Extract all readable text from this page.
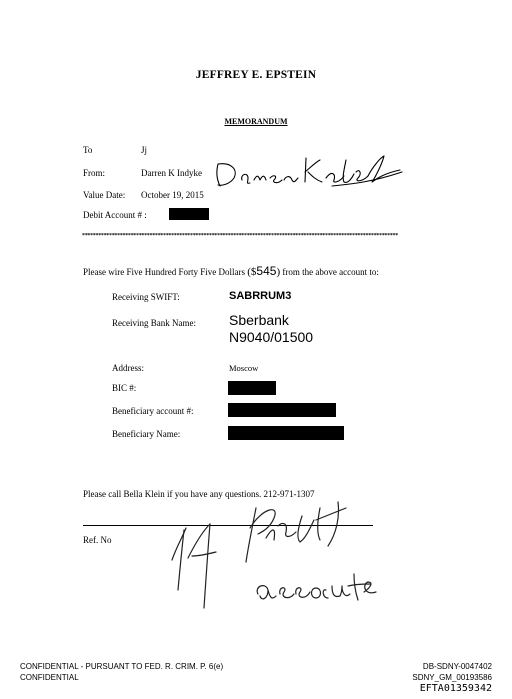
JEFFREY E. EPSTEIN
MEMORANDUM
To	Jj
From:	Darren K Indyke
Value Date: October 19, 2015
Debit Account # :
*********************************************************************************************************************
Please wire Five Hundred Forty Five Dollars ($545) from the above account to:
Receiving SWIFT:	SABRRUM3
Receiving Bank Name: Sberbank
N9040/01500
Address:	Moscow
BIC #:
Beneficiary account #:
Beneficiary Name:
Please call Bella Klein if you have any questions. 212-971-1307
Ref. No
CONFIDENTIAL - PURSUANT TO FED. R. CRIM. P. 6(e)
CONFIDENTIAL
DB-SDNY-0047402
SDNY_GM_00193586
EFTA01359342
